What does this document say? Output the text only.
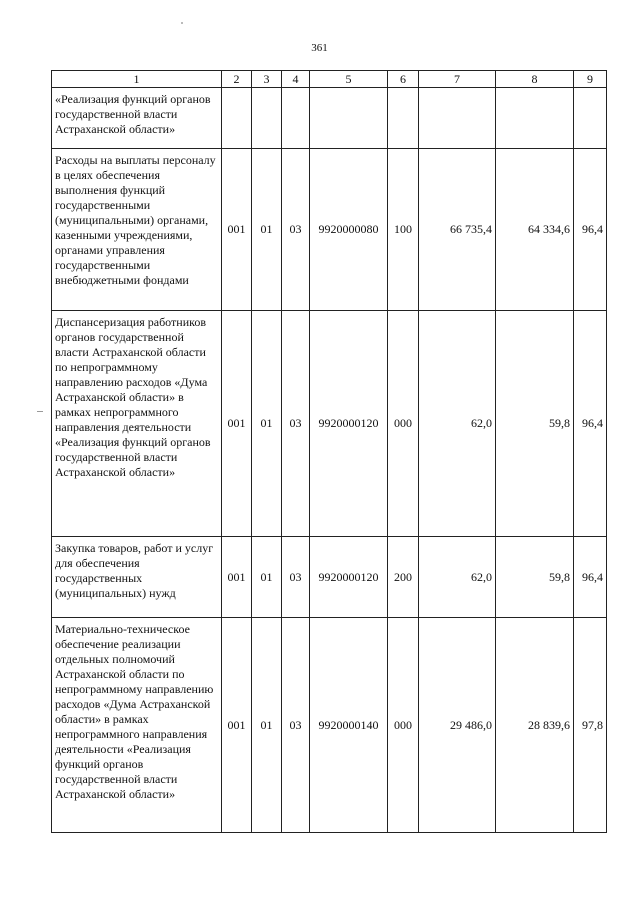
361
1	2	3	4	5	6	7	8	9
«Реализация функций органов государственной власти Астраханской области»								
Расходы на выплаты персоналу в целях обеспечения выполнения функций государственными (муниципальными) органами, казенными учреждениями, органами управления государственными внебюджетными фондами	001	01	03	9920000080	100	66 735,4	64 334,6	96,4
Диспансеризация работников органов государственной власти Астраханской области по непрограммному направлению расходов «Дума Астраханской области» в рамках непрограммного направления деятельности «Реализация функций органов государственной власти Астраханской области»	001	01	03	9920000120	000	62,0	59,8	96,4
Закупка товаров, работ и услуг для обеспечения государственных (муниципальных) нужд	001	01	03	9920000120	200	62,0	59,8	96,4
Материально-техническое обеспечение реализации отдельных полномочий Астраханской области по непрограммному направлению расходов «Дума Астраханской области» в рамках непрограммного направления деятельности «Реализация функций органов государственной власти Астраханской области»	001	01	03	9920000140	000	29 486,0	28 839,6	97,8
